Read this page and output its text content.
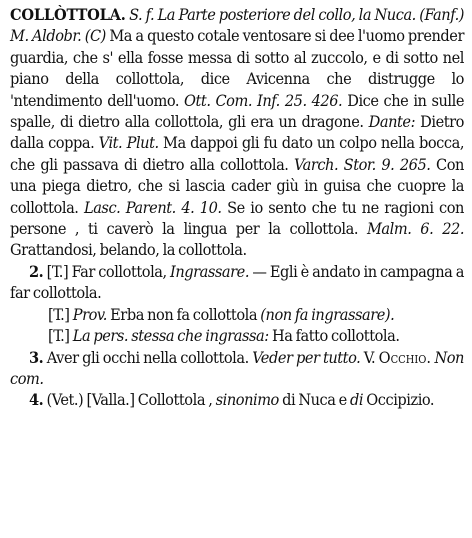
COLLÒTTOLA. S. f. La Parte posteriore del collo, la Nuca. (Fanf.) M. Aldobr. (C) Ma a questo cotale ventosare si dee l'uomo prender guardia, che s' ella fosse messa di sotto al zuccolo, e di sotto nel piano della collottola, dice Avicenna che distrugge lo 'ntendimento dell'uomo. Ott. Com. Inf. 25. 426. Dice che in sulle spalle, di dietro alla collottola, gli era un dragone. Dante: Dietro dalla coppa. Vit. Plut. Ma dappoi gli fu dato un colpo nella bocca, che gli passava di dietro alla collottola. Varch. Stor. 9. 265. Con una piega dietro, che si lascia cader giù in guisa che cuopre la collottola. Lasc. Parent. 4. 10. Se io sento che tu ne ragioni con persone , ti caverò la lingua per la collottola. Malm. 6. 22. Grattandosi, belando, la collottola.

2. [T.] Far collottola, Ingrassare. — Egli è andato in campagna a far collottola.

[T.] Prov. Erba non fa collottola (non fa ingrassare).

[T.] La pers. stessa che ingrassa: Ha fatto collottola.

3. Aver gli occhi nella collottola. Veder per tutto. V. Occhio. Non com.

4. (Vet.) [Valla.] Collottola , sinonimo di Nuca e di Occipizio.
